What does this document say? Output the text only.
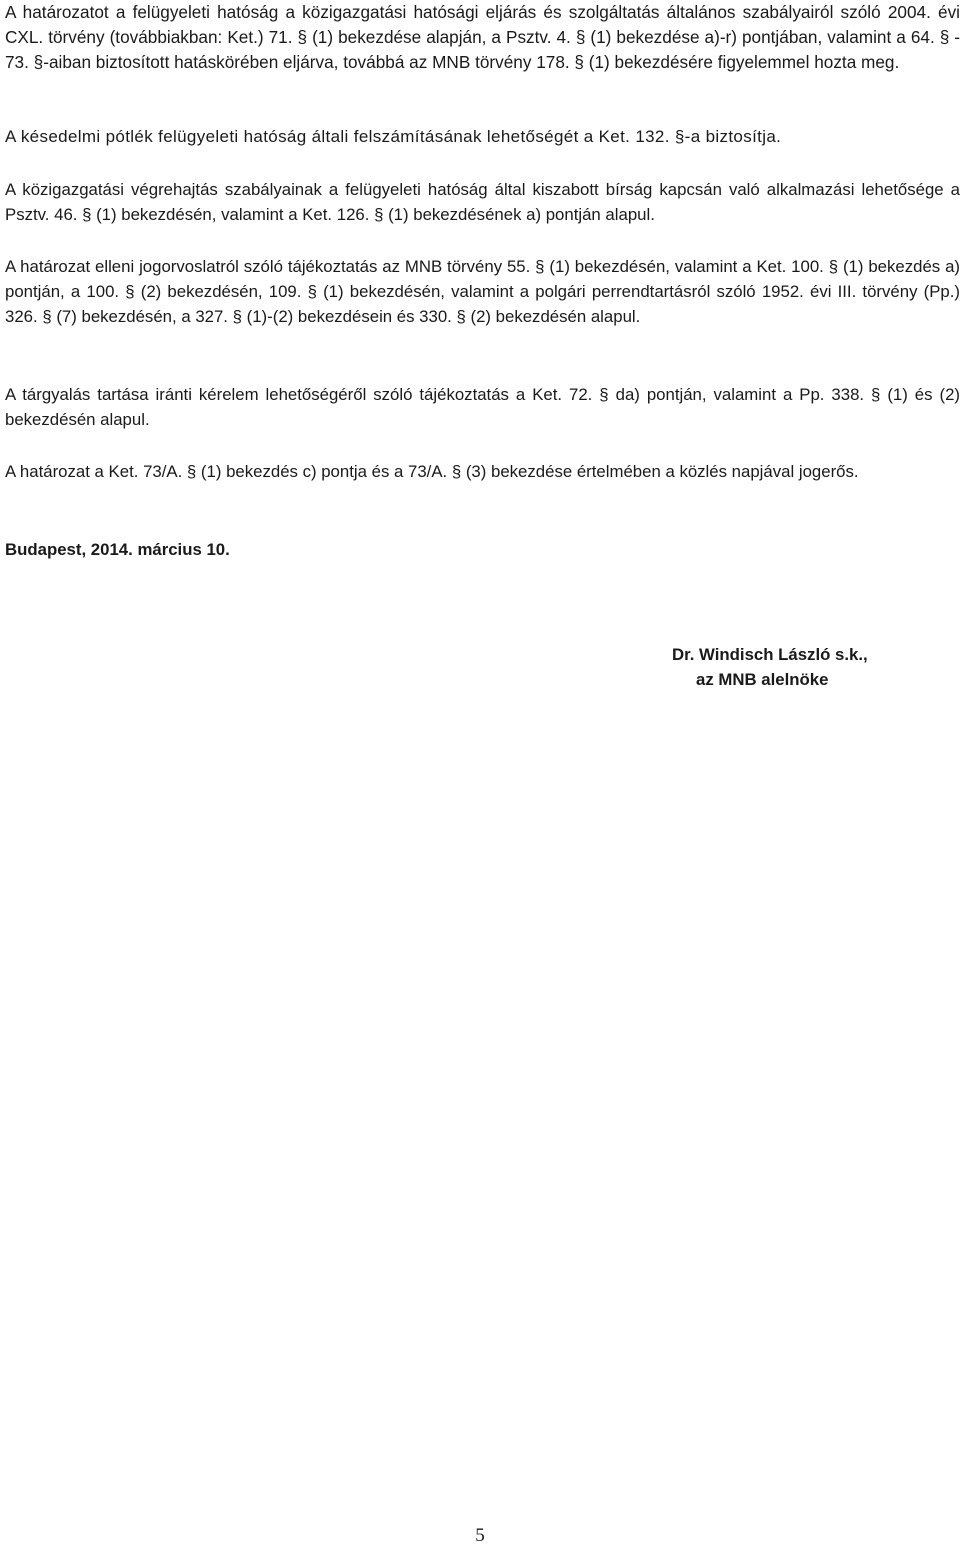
A határozatot a felügyeleti hatóság a közigazgatási hatósági eljárás és szolgáltatás általános szabályairól szóló 2004. évi CXL. törvény (továbbiakban: Ket.) 71. § (1) bekezdése alapján, a Psztv. 4. § (1) bekezdése a)-r) pontjában, valamint a 64. § - 73. §-aiban biztosított hatáskörében eljárva, továbbá az MNB törvény 178. § (1) bekezdésére figyelemmel hozta meg.

A késedelmi pótlék felügyeleti hatóság általi felszámításának lehetőségét a Ket. 132. §-a biztosítja.

A közigazgatási végrehajtás szabályainak a felügyeleti hatóság által kiszabott bírság kapcsán való alkalmazási lehetősége a Psztv. 46. § (1) bekezdésén, valamint a Ket. 126. § (1) bekezdésének a) pontján alapul.

A határozat elleni jogorvoslatról szóló tájékoztatás az MNB törvény 55. § (1) bekezdésén, valamint a Ket. 100. § (1) bekezdés a) pontján, a 100. § (2) bekezdésén, 109. § (1) bekezdésén, valamint a polgári perrendtartásról szóló 1952. évi III. törvény (Pp.) 326. § (7) bekezdésén, a 327. § (1)-(2) bekezdésein és 330. § (2) bekezdésén alapul.

A tárgyalás tartása iránti kérelem lehetőségéről szóló tájékoztatás a Ket. 72. § da) pontján, valamint a Pp. 338. § (1) és (2) bekezdésén alapul.

A határozat a Ket. 73/A. § (1) bekezdés c) pontja és a 73/A. § (3) bekezdése értelmében a közlés napjával jogerős.

Budapest, 2014. március 10.
Dr. Windisch László s.k.,
az MNB alelnöke
5
